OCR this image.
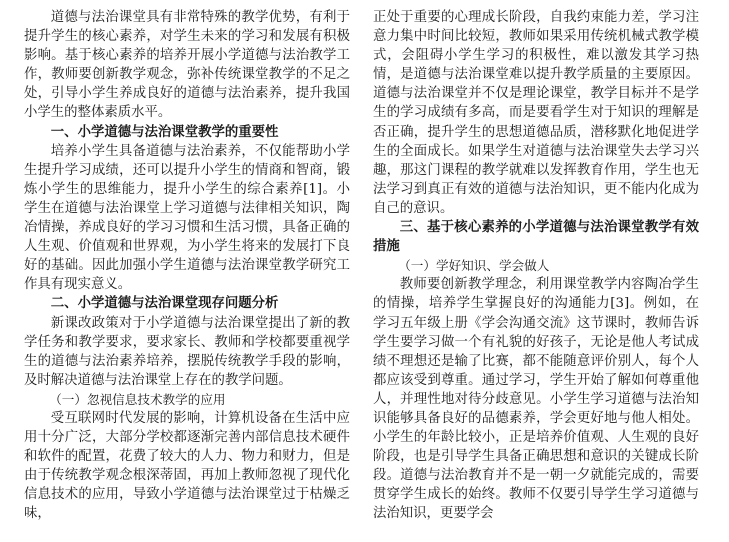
道德与法治课堂具有非常特殊的教学优势，有利于提升学生的核心素养，对学生未来的学习和发展有积极影响。基于核心素养的培养开展小学道德与法治教学工作，教师要创新教学观念，弥补传统课堂教学的不足之处，引导小学生养成良好的道德与法治素养，提升我国小学生的整体素质水平。

一、小学道德与法治课堂教学的重要性

培养小学生具备道德与法治素养，不仅能帮助小学生提升学习成绩，还可以提升小学生的情商和智商，锻炼小学生的思维能力，提升小学生的综合素养[1]。小学生在道德与法治课堂上学习道德与法律相关知识，陶冶情操，养成良好的学习习惯和生活习惯，具备正确的人生观、价值观和世界观，为小学生将来的发展打下良好的基础。因此加强小学生道德与法治课堂教学研究工作具有现实意义。

二、小学道德与法治课堂现存问题分析

新课改政策对于小学道德与法治课堂提出了新的教学任务和教学要求，要求家长、教师和学校都要重视学生的道德与法治素养培养，摆脱传统教学手段的影响，及时解决道德与法治课堂上存在的教学问题。

（一）忽视信息技术教学的应用

受互联网时代发展的影响，计算机设备在生活中应用十分广泛，大部分学校都逐渐完善内部信息技术硬件和软件的配置，花费了较大的人力、物力和财力，但是由于传统教学观念根深蒂固，再加上教师忽视了现代化信息技术的应用，导致小学道德与法治课堂过于枯燥乏味，

正处于重要的心理成长阶段，自我约束能力差，学习注意力集中时间比较短，教师如果采用传统机械式教学模式，会阻碍小学生学习的积极性，难以激发其学习热情，是道德与法治课堂难以提升教学质量的主要原因。道德与法治课堂并不仅是理论课堂，教学目标并不是学生的学习成绩有多高，而是要看学生对于知识的理解是否正确，提升学生的思想道德品质，潜移默化地促进学生的全面成长。如果学生对道德与法治课堂失去学习兴趣，那这门课程的教学就难以发挥教育作用，学生也无法学习到真正有效的道德与法治知识，更不能内化成为自己的意识。

三、基于核心素养的小学道德与法治课堂教学有效措施
（一）学好知识、学会做人

教师要创新教学理念，利用课堂教学内容陶冶学生的情操，培养学生掌握良好的沟通能力[3]。例如，在学习五年级上册《学会沟通交流》这节课时，教师告诉学生要学习做一个有礼貌的好孩子，无论是他人考试成绩不理想还是输了比赛，都不能随意评价别人，每个人都应该受到尊重。通过学习，学生开始了解如何尊重他人，并理性地对待分歧意见。小学生学习道德与法治知识能够具备良好的品德素养，学会更好地与他人相处。小学生的年龄比较小，正是培养价值观、人生观的良好阶段，也是引导学生具备正确思想和意识的关键成长阶段。道德与法治教育并不是一朝一夕就能完成的，需要贯穿学生成长的始终。教师不仅要引导学生学习道德与法治知识，更要学会
